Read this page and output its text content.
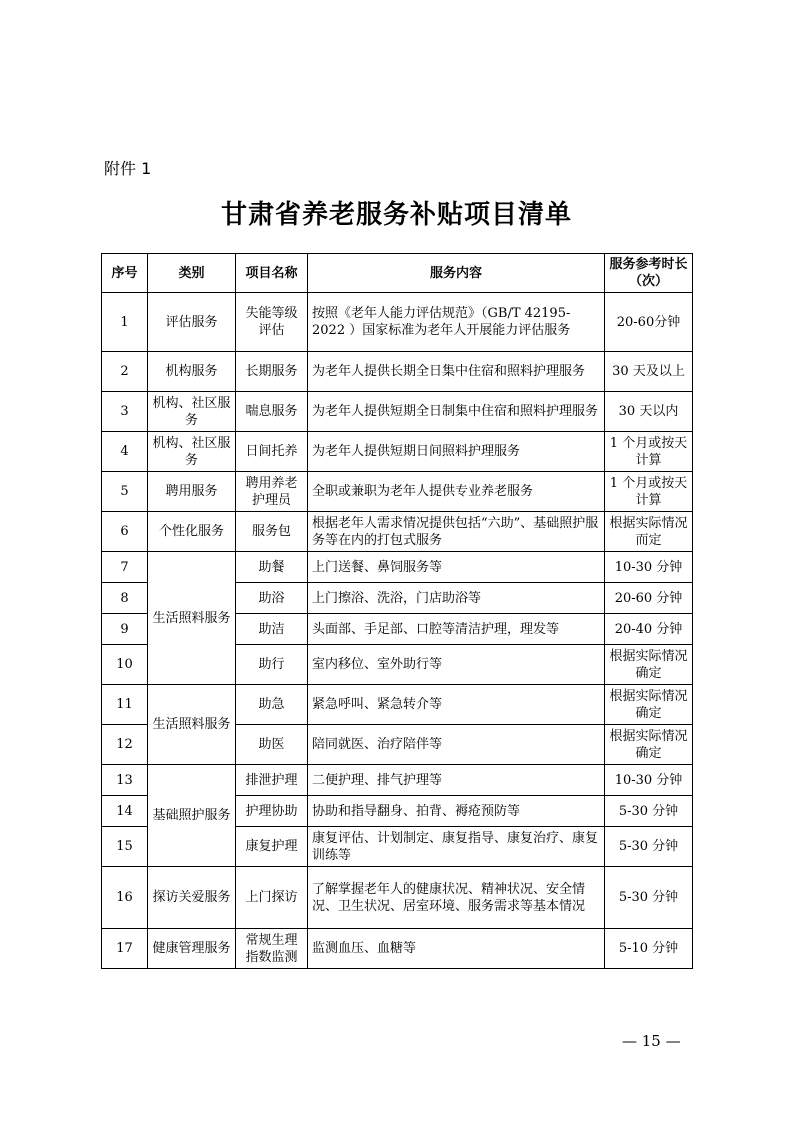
附件 1
甘肃省养老服务补贴项目清单
序号	类别	项目名称	服务内容	服务参考时长（次）
1	评估服务	失能等级评估	按照《老年人能力评估规范》（GB/T 42195-2022 ）国家标准为老年人开展能力评估服务	20-60分钟
2	机构服务	长期服务	为老年人提供长期全日集中住宿和照料护理服务	30 天及以上
3	机构、社区服务	喘息服务	为老年人提供短期全日制集中住宿和照料护理服务	30 天以内
4	机构、社区服务	日间托养	为老年人提供短期日间照料护理服务	1 个月或按天计算
5	聘用服务	聘用养老护理员	全职或兼职为老年人提供专业养老服务	1 个月或按天计算
6	个性化服务	服务包	根据老年人需求情况提供包括“六助”、基础照护服务等在内的打包式服务	根据实际情况而定
7	生活照料服务	助餐	上门送餐、鼻饲服务等	10-30 分钟
8		助浴	上门擦浴、洗浴，门店助浴等	20-60 分钟
9		助洁	头面部、手足部、口腔等清洁护理，理发等	20-40 分钟
10		助行	室内移位、室外助行等	根据实际情况确定
11	生活照料服务	助急	紧急呼叫、紧急转介等	根据实际情况确定
12		助医	陪同就医、治疗陪伴等	根据实际情况确定
13	基础照护服务	排泄护理	二便护理、排气护理等	10-30 分钟
14		护理协助	协助和指导翻身、拍背、褥疮预防等	5-30 分钟
15		康复护理	康复评估、计划制定、康复指导、康复治疗、康复训练等	5-30 分钟
16	探访关爱服务	上门探访	了解掌握老年人的健康状况、精神状况、安全情况、卫生状况、居室环境、服务需求等基本情况	5-30 分钟
17	健康管理服务	常规生理指数监测	监测血压、血糖等	5-10 分钟
— 15 —
